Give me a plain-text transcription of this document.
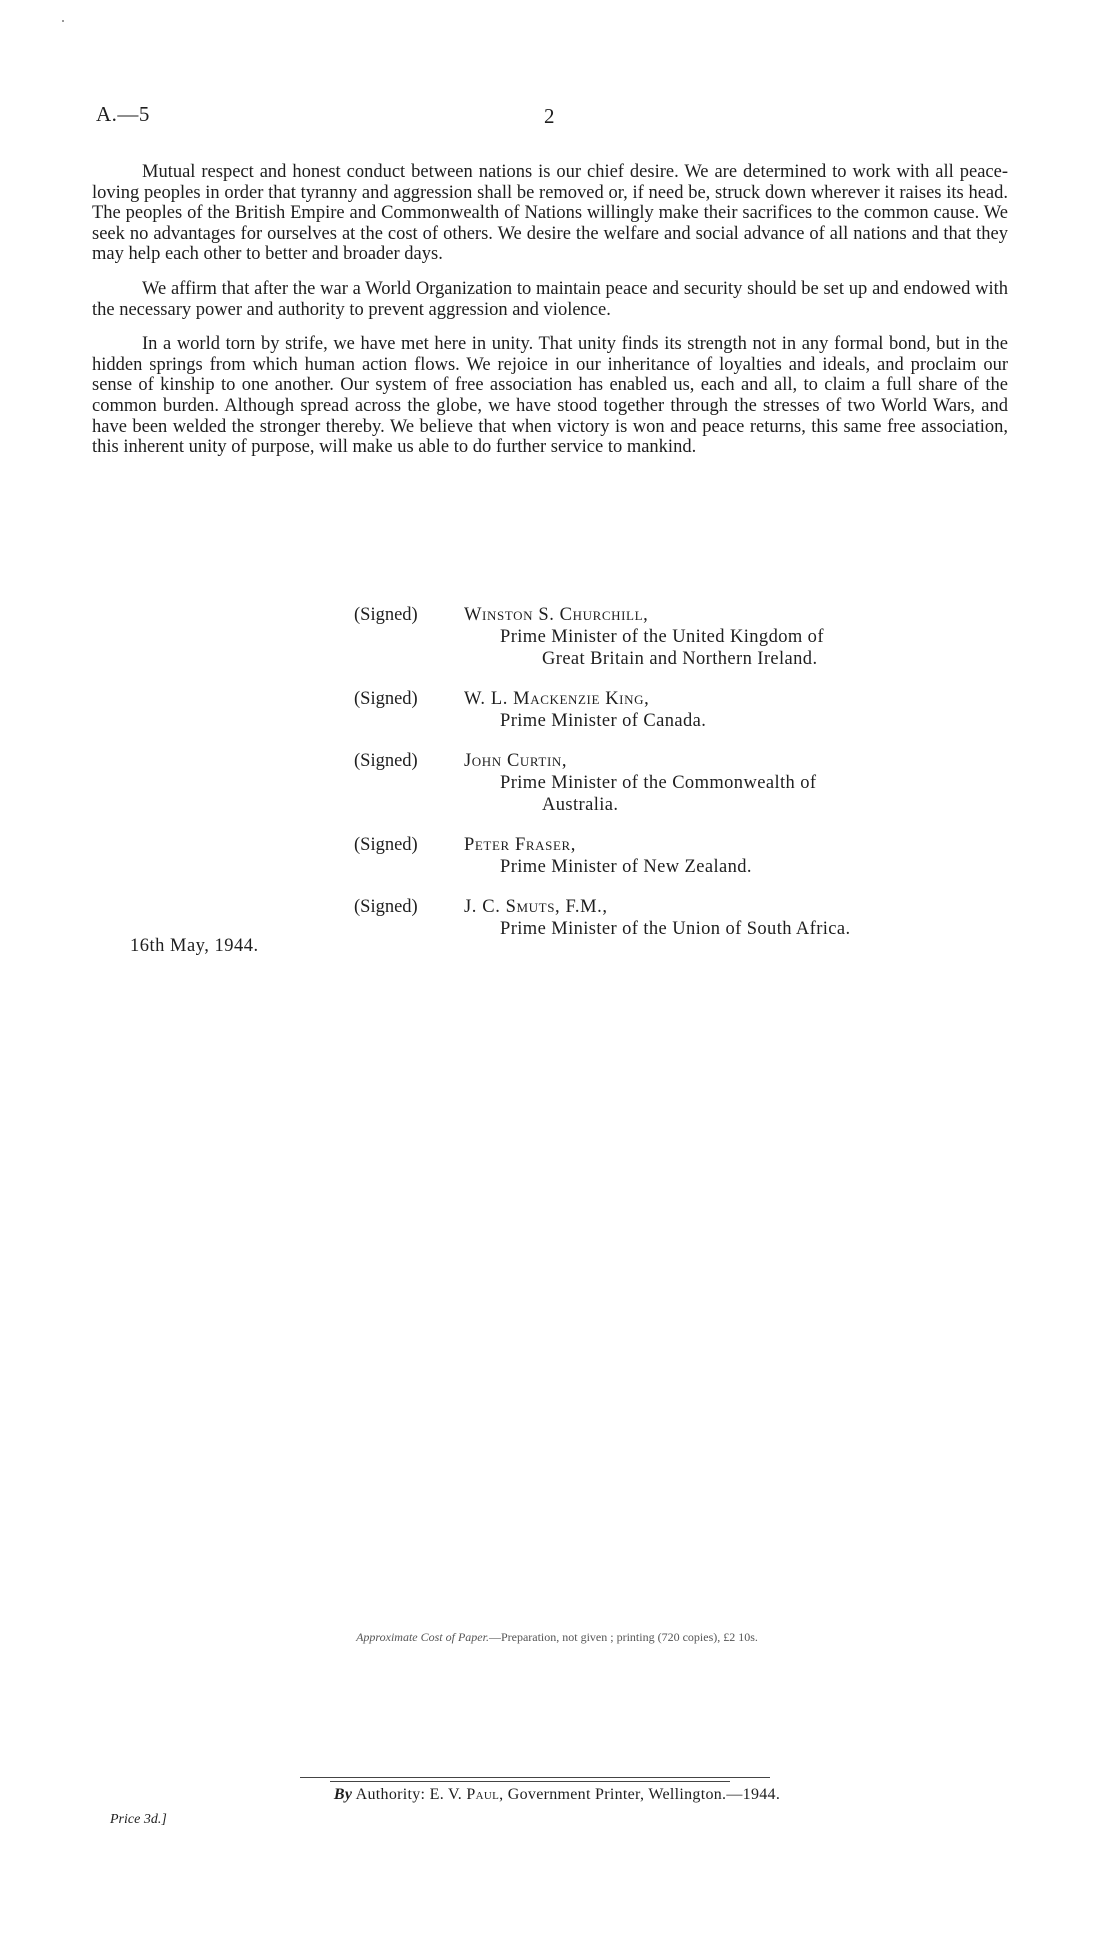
A.—5	2

Mutual respect and honest conduct between nations is our chief desire. We are determined to work with all peace-loving peoples in order that tyranny and aggression shall be removed or, if need be, struck down wherever it raises its head. The peoples of the British Empire and Commonwealth of Nations willingly make their sacrifices to the common cause. We seek no advantages for ourselves at the cost of others. We desire the welfare and social advance of all nations and that they may help each other to better and broader days.

We affirm that after the war a World Organization to maintain peace and security should be set up and endowed with the necessary power and authority to prevent aggression and violence.

In a world torn by strife, we have met here in unity. That unity finds its strength not in any formal bond, but in the hidden springs from which human action flows. We rejoice in our inheritance of loyalties and ideals, and proclaim our sense of kinship to one another. Our system of free association has enabled us, each and all, to claim a full share of the common burden. Although spread across the globe, we have stood together through the stresses of two World Wars, and have been welded the stronger thereby. We believe that when victory is won and peace returns, this same free association, this inherent unity of purpose, will make us able to do further service to mankind.

(Signed)	Winston S. Churchill,
Prime Minister of the United Kingdom of
Great Britain and Northern Ireland.
(Signed)	W. L. Mackenzie King,
Prime Minister of Canada.
(Signed)	John Curtin,
Prime Minister of the Commonwealth of
Australia.
(Signed)	Peter Fraser,
Prime Minister of New Zealand.
(Signed)	J. C. Smuts, F.M.,
Prime Minister of the Union of South Africa.
16th May, 1944.
Approximate Cost of Paper.—Preparation, not given ; printing (720 copies), £2 10s.
By Authority: E. V. Paul, Government Printer, Wellington.—1944.
Price 3d.]
